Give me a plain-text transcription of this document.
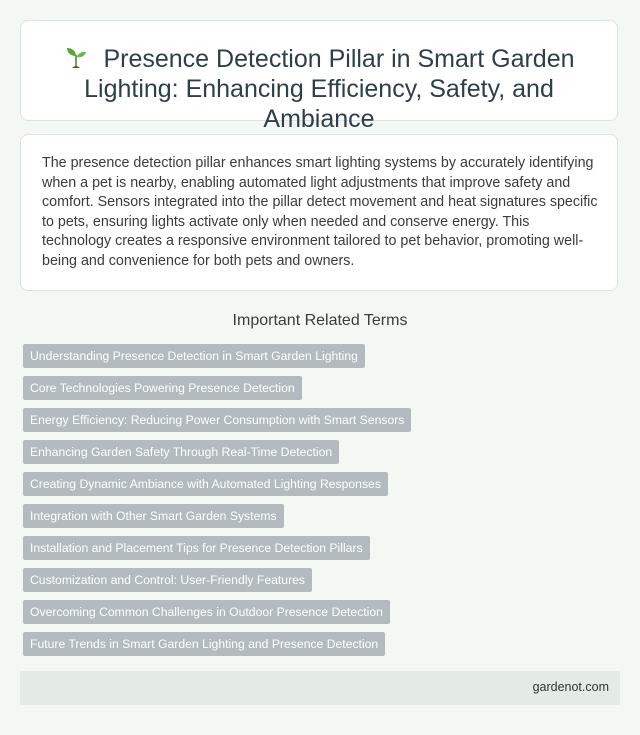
Presence Detection Pillar in Smart Garden Lighting: Enhancing Efficiency, Safety, and Ambiance

The presence detection pillar enhances smart lighting systems by accurately identifying when a pet is nearby, enabling automated light adjustments that improve safety and comfort. Sensors integrated into the pillar detect movement and heat signatures specific to pets, ensuring lights activate only when needed and conserve energy. This technology creates a responsive environment tailored to pet behavior, promoting well-being and convenience for both pets and owners.

Important Related Terms
Understanding Presence Detection in Smart Garden Lighting
Core Technologies Powering Presence Detection
Energy Efficiency: Reducing Power Consumption with Smart Sensors
Enhancing Garden Safety Through Real-Time Detection
Creating Dynamic Ambiance with Automated Lighting Responses
Integration with Other Smart Garden Systems
Installation and Placement Tips for Presence Detection Pillars
Customization and Control: User-Friendly Features
Overcoming Common Challenges in Outdoor Presence Detection
Future Trends in Smart Garden Lighting and Presence Detection
gardenot.com
